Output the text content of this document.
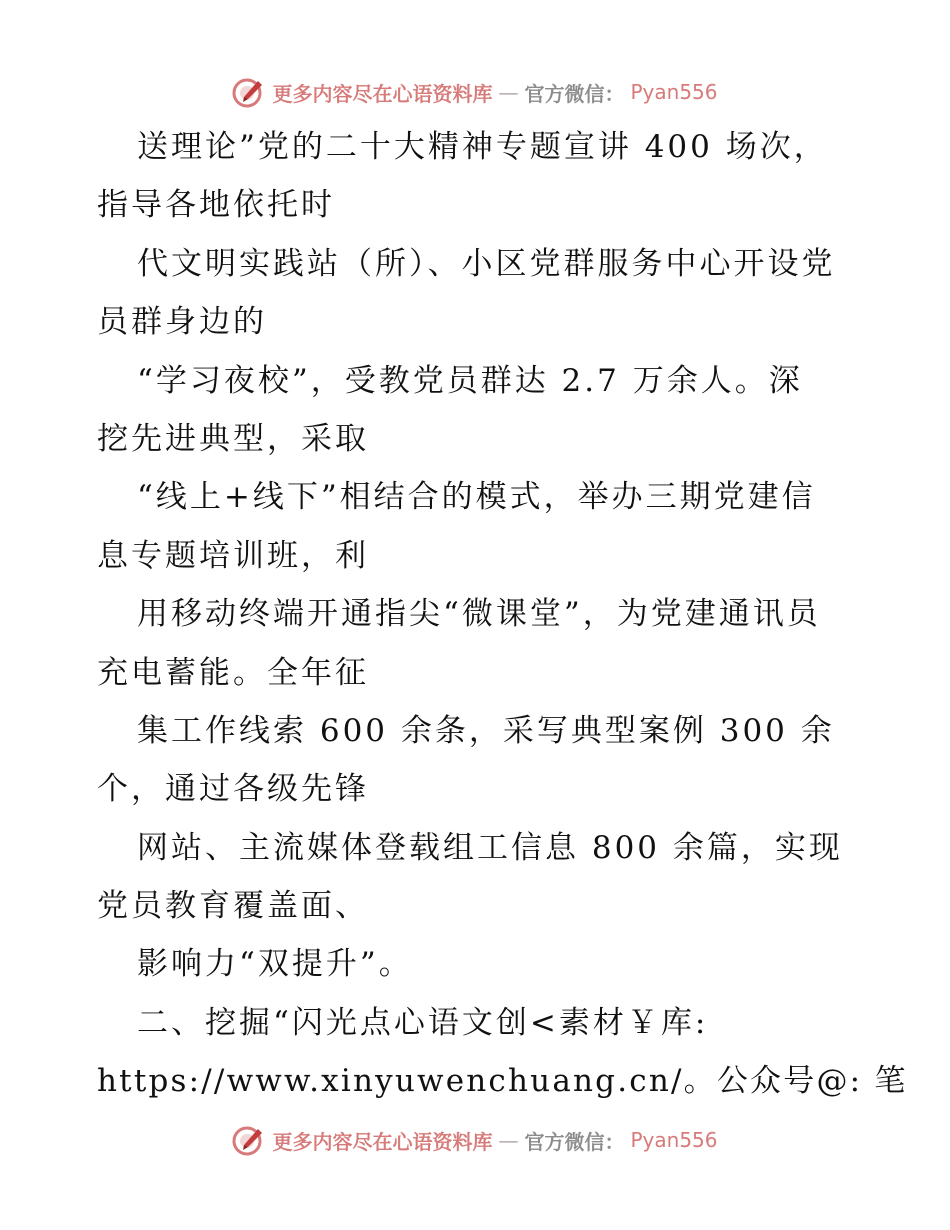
更多内容尽在心语资料库 — 官方微信： Pyan556
送理论”党的二十大精神专题宣讲 400 场次，
指导各地依托时
代文明实践站（所）、小区党群服务中心开设党
员群身边的
“学习夜校”，受教党员群达 2.7 万余人。深
挖先进典型，采取
“线上+线下”相结合的模式，举办三期党建信
息专题培训班，利
用移动终端开通指尖“微课堂”，为党建通讯员
充电蓄能。全年征
集工作线索 600 余条，采写典型案例 300 余
个，通过各级先锋
网站、主流媒体登载组工信息 800 余篇，实现
党员教育覆盖面、
影响力“双提升”。
二、挖掘“闪光点心语文创<素材￥库:
https://www.xinyuwenchuang.cn/。公众号@: 笔
更多内容尽在心语资料库 — 官方微信： Pyan556
